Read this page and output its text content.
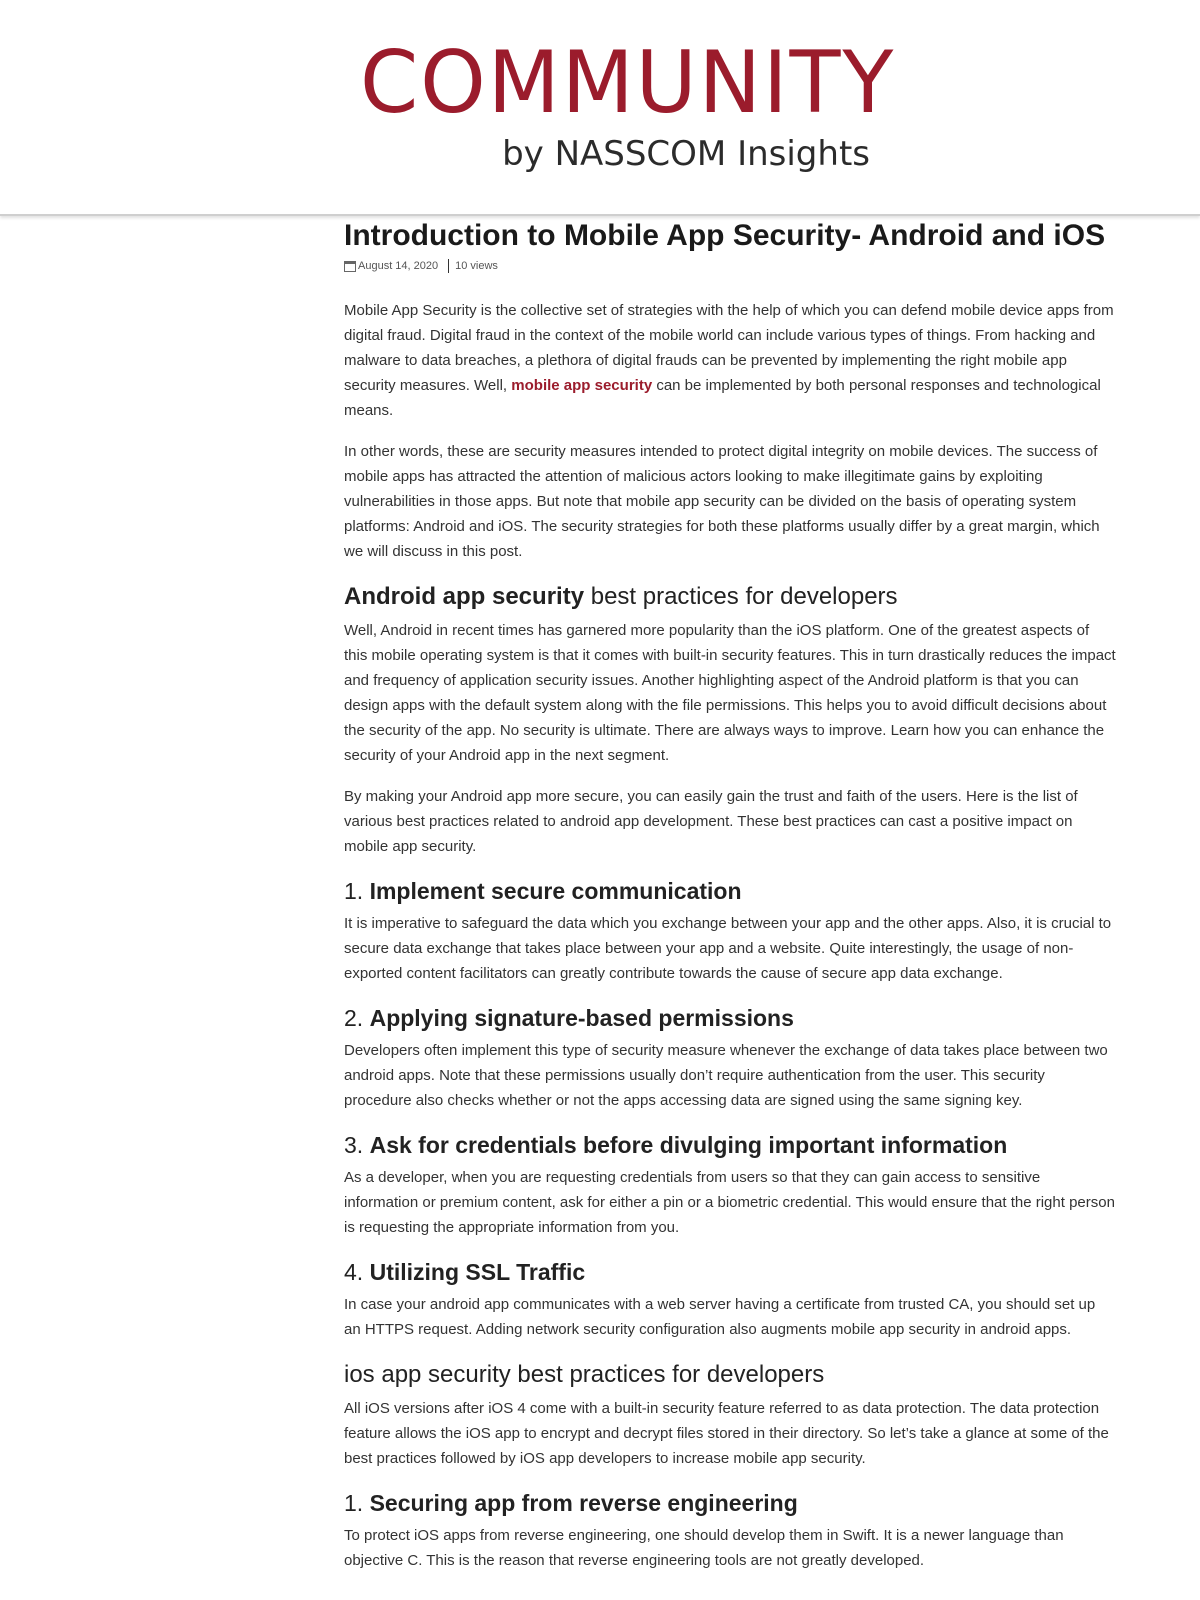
COMMUNITY
by NASSCOM Insights
Introduction to Mobile App Security- Android and iOS
August 14, 2020 10 views

Mobile App Security is the collective set of strategies with the help of which you can defend mobile device apps from digital fraud. Digital fraud in the context of the mobile world can include various types of things. From hacking and malware to data breaches, a plethora of digital frauds can be prevented by implementing the right mobile app security measures. Well, mobile app security can be implemented by both personal responses and technological means.

In other words, these are security measures intended to protect digital integrity on mobile devices. The success of mobile apps has attracted the attention of malicious actors looking to make illegitimate gains by exploiting vulnerabilities in those apps. But note that mobile app security can be divided on the basis of operating system platforms: Android and iOS. The security strategies for both these platforms usually differ by a great margin, which we will discuss in this post.

Android app security best practices for developers

Well, Android in recent times has garnered more popularity than the iOS platform. One of the greatest aspects of this mobile operating system is that it comes with built-in security features. This in turn drastically reduces the impact and frequency of application security issues. Another highlighting aspect of the Android platform is that you can design apps with the default system along with the file permissions. This helps you to avoid difficult decisions about the security of the app. No security is ultimate. There are always ways to improve. Learn how you can enhance the security of your Android app in the next segment.

By making your Android app more secure, you can easily gain the trust and faith of the users. Here is the list of various best practices related to android app development. These best practices can cast a positive impact on mobile app security.

1. Implement secure communication

It is imperative to safeguard the data which you exchange between your app and the other apps. Also, it is crucial to secure data exchange that takes place between your app and a website. Quite interestingly, the usage of non-exported content facilitators can greatly contribute towards the cause of secure app data exchange.

2. Applying signature-based permissions

Developers often implement this type of security measure whenever the exchange of data takes place between two android apps. Note that these permissions usually don’t require authentication from the user. This security procedure also checks whether or not the apps accessing data are signed using the same signing key.

3. Ask for credentials before divulging important information

As a developer, when you are requesting credentials from users so that they can gain access to sensitive information or premium content, ask for either a pin or a biometric credential. This would ensure that the right person is requesting the appropriate information from you.

4. Utilizing SSL Traffic

In case your android app communicates with a web server having a certificate from trusted CA, you should set up an HTTPS request. Adding network security configuration also augments mobile app security in android apps.

ios app security best practices for developers

All iOS versions after iOS 4 come with a built-in security feature referred to as data protection. The data protection feature allows the iOS app to encrypt and decrypt files stored in their directory. So let’s take a glance at some of the best practices followed by iOS app developers to increase mobile app security.

1. Securing app from reverse engineering

To protect iOS apps from reverse engineering, one should develop them in Swift. It is a newer language than objective C. This is the reason that reverse engineering tools are not greatly developed.
